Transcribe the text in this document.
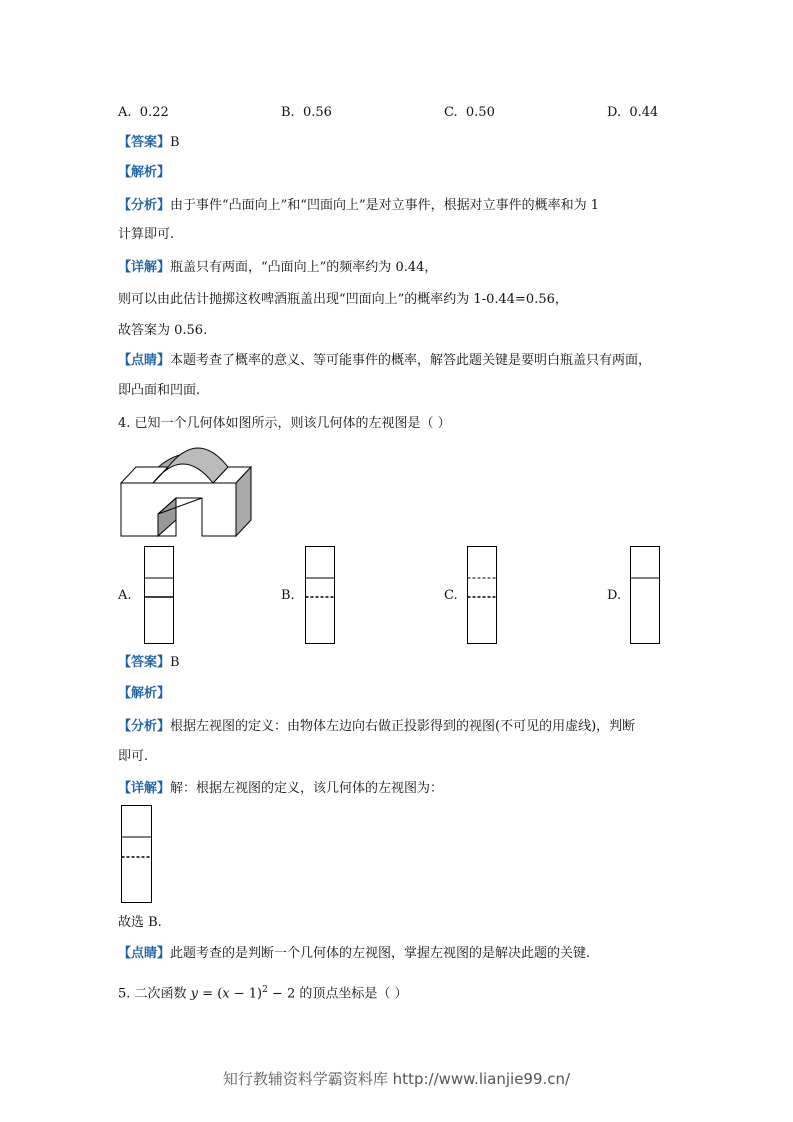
A. 0.22	B. 0.56	C. 0.50	D. 0.44
【答案】B
【解析】
【分析】由于事件“凸面向上”和“凹面向上”是对立事件，根据对立事件的概率和为 1
计算即可.
【详解】瓶盖只有两面，“凸面向上”的频率约为 0.44，
则可以由此估计抛掷这枚啤酒瓶盖出现“凹面向上”的概率约为 1-0.44=0.56，
故答案为 0.56.
【点睛】本题考查了概率的意义、等可能事件的概率，解答此题关键是要明白瓶盖只有两面，
即凸面和凹面.
4. 已知一个几何体如图所示，则该几何体的左视图是（ ）
A.	B.	C.	D.
【答案】B
【解析】
【分析】根据左视图的定义：由物体左边向右做正投影得到的视图(不可见的用虚线)，判断
即可.
【详解】解：根据左视图的定义，该几何体的左视图为：
故选 B.
【点睛】此题考查的是判断一个几何体的左视图，掌握左视图的是解决此题的关键.
5. 二次函数 $y = (x - 1)^2 - 2$ 的顶点坐标是（ ）
知行教辅资料学霸资料库 http://www.lianjie99.cn/
